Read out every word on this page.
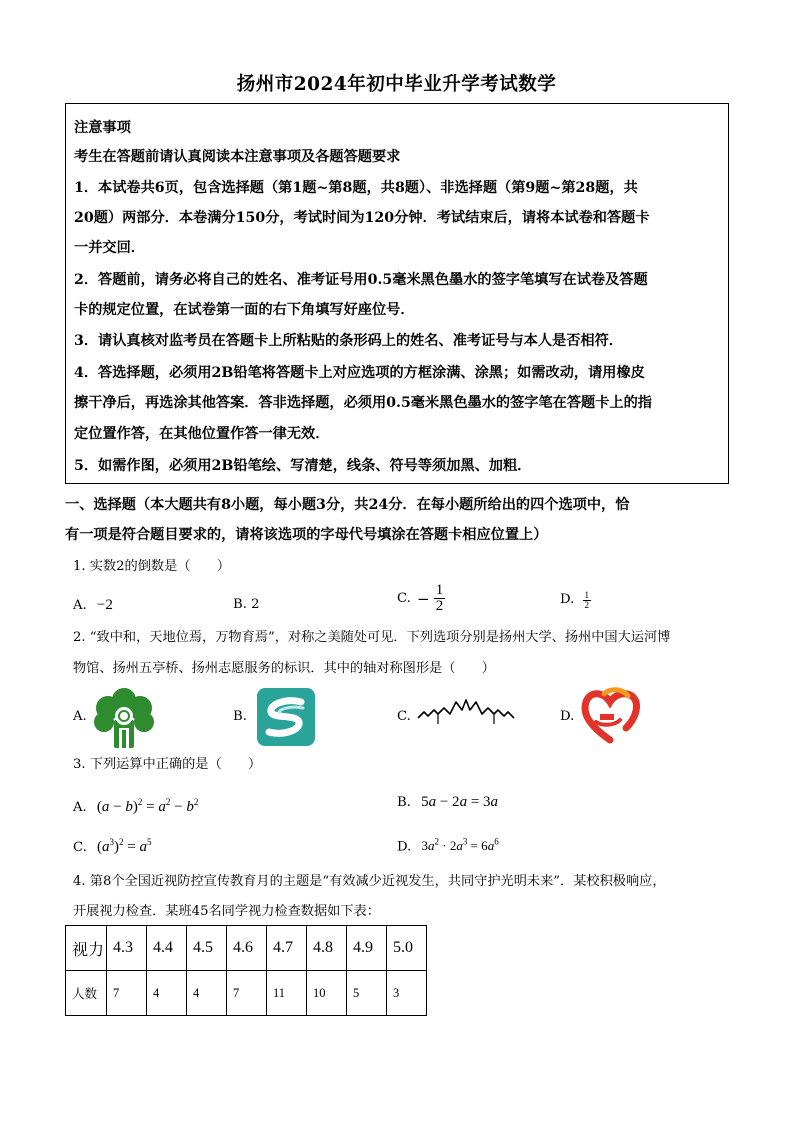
扬州市2024年初中毕业升学考试数学
注意事项
考生在答题前请认真阅读本注意事项及各题答题要求
1．本试卷共6页，包含选择题（第1题~第8题，共8题）、非选择题（第9题~第28题，共
20题）两部分．本卷满分150分，考试时间为120分钟．考试结束后，请将本试卷和答题卡
一并交回．
2．答题前，请务必将自己的姓名、准考证号用0.5毫米黑色墨水的签字笔填写在试卷及答题
卡的规定位置，在试卷第一面的右下角填写好座位号．
3．请认真核对监考员在答题卡上所粘贴的条形码上的姓名、准考证号与本人是否相符．
4．答选择题，必须用2B铅笔将答题卡上对应选项的方框涂满、涂黑；如需改动，请用橡皮
擦干净后，再选涂其他答案．答非选择题，必须用0.5毫米黑色墨水的签字笔在答题卡上的指
定位置作答，在其他位置作答一律无效．
5．如需作图，必须用2B铅笔绘、写清楚，线条、符号等须加黑、加粗．
一、选择题（本大题共有8小题，每小题3分，共24分．在每小题所给出的四个选项中，恰
有一项是符合题目要求的，请将该选项的字母代号填涂在答题卡相应位置上）
1. 实数2的倒数是（　　）
A. −2	B. 2	C. − $\frac{1}{2}$	D. $\frac{1}{2}$
2. “致中和，天地位焉，万物育焉”，对称之美随处可见．下列选项分别是扬州大学、扬州中国大运河博
物馆、扬州五亭桥、扬州志愿服务的标识．其中的轴对称图形是（　　）
A.	B.	C.	D.
3. 下列运算中正确的是（　　）
A. $(a - b)^2 = a^2 - b^2$	B. 5a − 2a = 3a
C. $(a^3)^2 = a^5$	D. $3a^2 \cdot 2a^3 = 6a^6$
4. 第8个全国近视防控宣传教育月的主题是“有效减少近视发生，共同守护光明未来”．某校积极响应，
开展视力检查．某班45名同学视力检查数据如下表：
视力	4.3	4.4	4.5	4.6	4.7	4.8	4.9	5.0
人数	7	4	4	7	11	10	5	3
